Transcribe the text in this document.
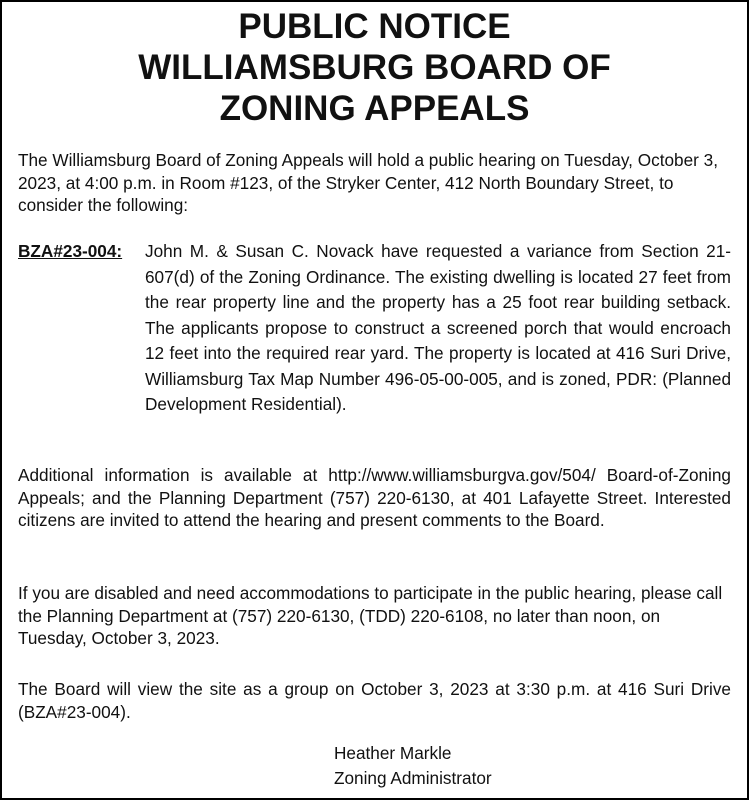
PUBLIC NOTICE
WILLIAMSBURG BOARD OF
ZONING APPEALS
The Williamsburg Board of Zoning Appeals will hold a public hearing on Tuesday, October 3, 2023, at 4:00 p.m. in Room #123, of the Stryker Center, 412 North Boundary Street, to consider the following:
BZA#23-004: John M. & Susan C. Novack have requested a variance from Section 21- 607(d) of the Zoning Ordinance. The existing dwelling is located 27 feet from the rear property line and the property has a 25 foot rear building setback. The applicants propose to construct a screened porch that would encroach 12 feet into the required rear yard. The property is located at 416 Suri Drive, Williamsburg Tax Map Number 496-05-00-005, and is zoned, PDR: (Planned Development Residential).
Additional information is available at http://www.williamsburgva.gov/504/ Board-of-Zoning Appeals; and the Planning Department (757) 220-6130, at 401 Lafayette Street. Interested citizens are invited to attend the hearing and present comments to the Board.
If you are disabled and need accommodations to participate in the public hearing, please call the Planning Department at (757) 220-6130, (TDD) 220-6108, no later than noon, on Tuesday, October 3, 2023.
The Board will view the site as a group on October 3, 2023 at 3:30 p.m. at 416 Suri Drive (BZA#23-004).
Heather Markle
Zoning Administrator
